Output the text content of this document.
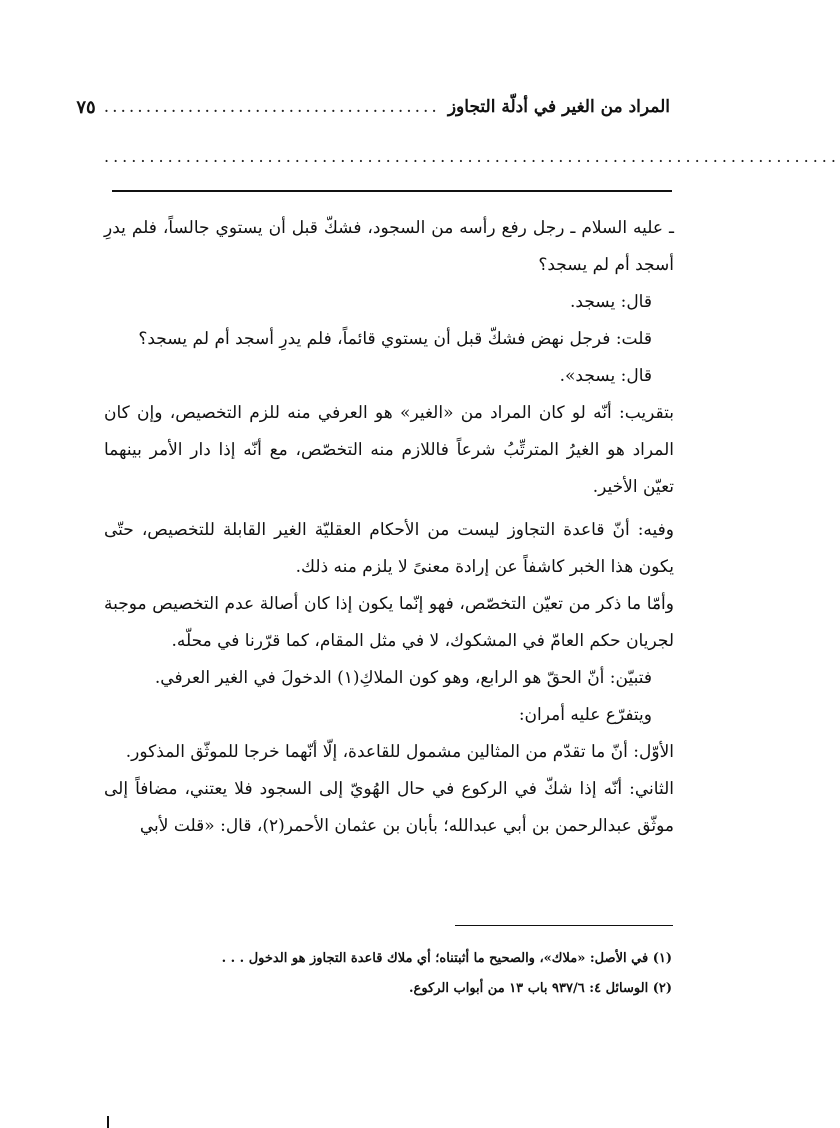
المراد من الغير في أدلّة التجاوز
........................................
٧٥
.................................................................................

ـ عليه السلام ـ رجل رفع رأسه من السجود، فشكّ قبل أن يستوي جالساً، فلم يدرِ أسجد أم لم يسجد؟

قال: يسجد.

قلت: فرجل نهض فشكّ قبل أن يستوي قائماً، فلم يدرِ أسجد أم لم يسجد؟

قال: يسجد».

بتقريب: أنّه لو كان المراد من «الغير» هو العرفي منه للزم التخصيص، وإن كان المراد هو الغيرُ المترتِّبُ شرعاً فاللازم منه التخصّص، مع أنّه إذا دار الأمر بينهما تعيّن الأخير.

وفيه: أنّ قاعدة التجاوز ليست من الأحكام العقليّة الغير القابلة للتخصيص، حتّى يكون هذا الخبر كاشفاً عن إرادة معنىً لا يلزم منه ذلك.

وأمّا ما ذكر من تعيّن التخصّص، فهو إنّما يكون إذا كان أصالة عدم التخصيص موجبة لجريان حكم العامّ في المشكوك، لا في مثل المقام، كما قرّرنا في محلّه.

فتبيّن: أنّ الحقّ هو الرابع، وهو كون الملاكِ(١) الدخولَ في الغير العرفي.

ويتفرّع عليه أمران:

الأوّل: أنّ ما تقدّم من المثالين مشمول للقاعدة، إلّا أنّهما خرجا للموثّق المذكور.

الثاني: أنّه إذا شكّ في الركوع في حال الهُويّ إلى السجود فلا يعتني، مضافاً إلى موثّق عبدالرحمن بن أبي عبدالله؛ بأبان بن عثمان الأحمر(٢)، قال: «قلت لأبي

(١) في الأصل: «ملاك»، والصحيح ما أثبتناه؛ أي ملاك قاعدة التجاوز هو الدخول . . .

(٢) الوسائل ٤: ٩٣٧/٦ باب ١٣ من أبواب الركوع.
